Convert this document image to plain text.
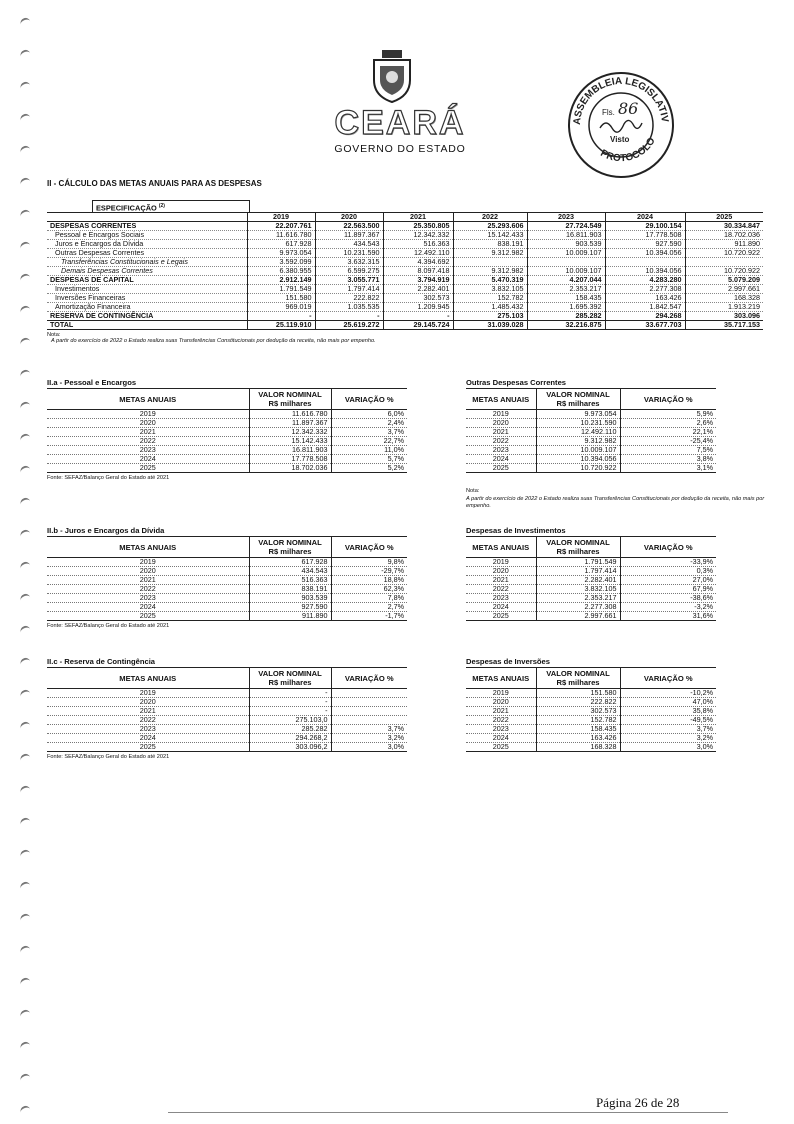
CEARÁ
GOVERNO DO ESTADO
ASSEMBLEIA LEGISLATIV
PROTOCOLO
Fls. 86
Visto
II - CÁLCULO DAS METAS ANUAIS PARA AS DESPESAS
ESPECIFICAÇÃO $^{(2)}$
	2019	2020	2021	2022	2023	2024	2025
DESPESAS CORRENTES	22.207.761	22.563.500	25.350.805	25.293.606	27.724.549	29.100.154	30.334.847
Pessoal e Encargos Sociais	11.616.780	11.897.367	12.342.332	15.142.433	16.811.903	17.778.508	18.702.036
Juros e Encargos da Dívida	617.928	434.543	516.363	838.191	903.539	927.590	911.890
Outras Despesas Correntes	9.973.054	10.231.590	12.492.110	9.312.982	10.009.107	10.394.056	10.720.922
Transferências Constitucionais e Legais	3.592.099	3.632.315	4.394.692				
Demais Despesas Correntes	6.380.955	6.599.275	8.097.418	9.312.982	10.009.107	10.394.056	10.720.922
DESPESAS DE CAPITAL	2.912.149	3.055.771	3.794.919	5.470.319	4.207.044	4.283.280	5.079.209
Investimentos	1.791.549	1.797.414	2.282.401	3.832.105	2.353.217	2.277.308	2.997.661
Inversões Financeiras	151.580	222.822	302.573	152.782	158.435	163.426	168.328
Amortização Financeira	969.019	1.035.535	1.209.945	1.485.432	1.695.392	1.842.547	1.913.219
RESERVA DE CONTINGÊNCIA	-	-	-	275.103	285.282	294.268	303.096
TOTAL	25.119.910	25.619.272	29.145.724	31.039.028	32.216.875	33.677.703	35.717.153
Nota:
A partir do exercício de 2022 o Estado realiza suas Transferências Constitucionais por dedução da receita, não mais por empenho.
II.a - Pessoal e Encargos
METAS ANUAIS	VALOR NOMINAL
R$ milhares	VARIAÇÃO %
2019	11.616.780	6,0%
2020	11.897.367	2,4%
2021	12.342.332	3,7%
2022	15.142.433	22,7%
2023	16.811.903	11,0%
2024	17.778.508	5,7%
2025	18.702.036	5,2%
Fonte: SEFAZ/Balanço Geral do Estado até 2021
Outras Despesas Correntes
METAS ANUAIS	VALOR NOMINAL
R$ milhares	VARIAÇÃO %
2019	9.973.054	5,9%
2020	10.231.590	2,6%
2021	12.492.110	22,1%
2022	9.312.982	-25,4%
2023	10.009.107	7,5%
2024	10.394.056	3,8%
2025	10.720.922	3,1%
II.b - Juros e Encargos da Dívida
METAS ANUAIS	VALOR NOMINAL
R$ milhares	VARIAÇÃO %
2019	617.928	9,8%
2020	434.543	-29,7%
2021	516.363	18,8%
2022	838.191	62,3%
2023	903.539	7,8%
2024	927.590	2,7%
2025	911.890	-1,7%
Fonte: SEFAZ/Balanço Geral do Estado até 2021
Despesas de Investimentos
METAS ANUAIS	VALOR NOMINAL
R$ milhares	VARIAÇÃO %
2019	1.791.549	-33,9%
2020	1.797.414	0,3%
2021	2.282.401	27,0%
2022	3.832.105	67,9%
2023	2.353.217	-38,6%
2024	2.277.308	-3,2%
2025	2.997.661	31,6%
II.c - Reserva de Contingência
METAS ANUAIS	VALOR NOMINAL
R$ milhares	VARIAÇÃO %
2019	-	
2020	-	
2021	-	
2022	275.103,0	
2023	285.282	3,7%
2024	294.268,2	3,2%
2025	303.096,2	3,0%
Fonte: SEFAZ/Balanço Geral do Estado até 2021
Despesas de Inversões
METAS ANUAIS	VALOR NOMINAL
R$ milhares	VARIAÇÃO %
2019	151.580	-10,2%
2020	222.822	47,0%
2021	302.573	35,8%
2022	152.782	-49,5%
2023	158.435	3,7%
2024	163.426	3,2%
2025	168.328	3,0%
Nota:
A partir do exercício de 2022 o Estado realiza suas Transferências Constitucionais por dedução da receita, não mais por empenho.
Página 26 de 28
